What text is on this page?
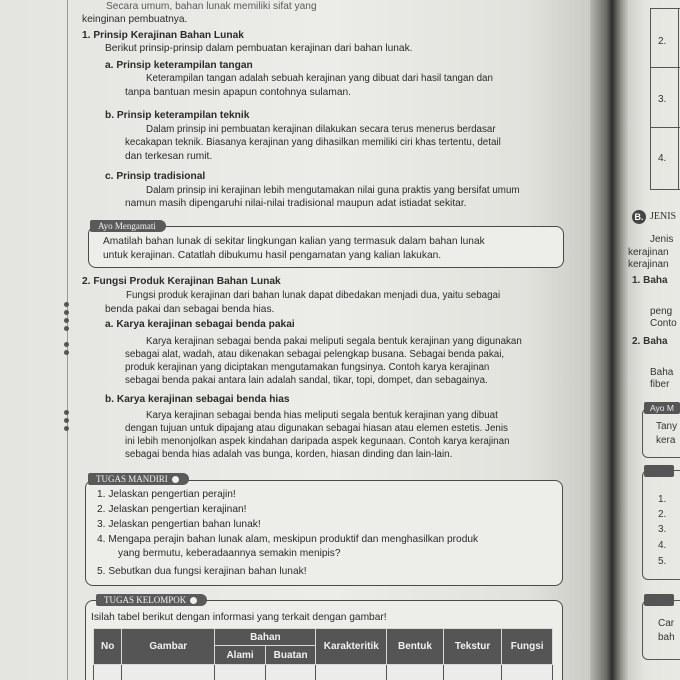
Secara umum, bahan lunak memiliki sifat yang
keinginan pembuatnya.
1. Prinsip Kerajinan Bahan Lunak
Berikut prinsip-prinsip dalam pembuatan kerajinan dari bahan lunak.
a. Prinsip keterampilan tangan
Keterampilan tangan adalah sebuah kerajinan yang dibuat dari hasil tangan dan
tanpa bantuan mesin apapun contohnya sulaman.
b. Prinsip keterampilan teknik
Dalam prinsip ini pembuatan kerajinan dilakukan secara terus menerus berdasar
kecakapan teknik. Biasanya kerajinan yang dihasilkan memiliki ciri khas tertentu, detail
dan terkesan rumit.
c. Prinsip tradisional
Dalam prinsip ini kerajinan lebih mengutamakan nilai guna praktis yang bersifat umum
namun masih dipengaruhi nilai-nilai tradisional maupun adat istiadat sekitar.
Ayo Mengamati
Amatilah bahan lunak di sekitar lingkungan kalian yang termasuk dalam bahan lunak
untuk kerajinan. Catatlah dibukumu hasil pengamatan yang kalian lakukan.
2. Fungsi Produk Kerajinan Bahan Lunak
Fungsi produk kerajinan dari bahan lunak dapat dibedakan menjadi dua, yaitu sebagai
benda pakai dan sebagai benda hias.
a. Karya kerajinan sebagai benda pakai
Karya kerajinan sebagai benda pakai meliputi segala bentuk kerajinan yang digunakan
sebagai alat, wadah, atau dikenakan sebagai pelengkap busana. Sebagai benda pakai,
produk kerajinan yang diciptakan mengutamakan fungsinya. Contoh karya kerajinan
sebagai benda pakai antara lain adalah sandal, tikar, topi, dompet, dan sebagainya.
b. Karya kerajinan sebagai benda hias
Karya kerajinan sebagai benda hias meliputi segala bentuk kerajinan yang dibuat
dengan tujuan untuk dipajang atau digunakan sebagai hiasan atau elemen estetis. Jenis
ini lebih menonjolkan aspek kindahan daripada aspek kegunaan. Contoh karya kerajinan
sebagai benda hias adalah vas bunga, korden, hiasan dinding dan lain-lain.
TUGAS MANDIRI
1. Jelaskan pengertian perajin!
2. Jelaskan pengertian kerajinan!
3. Jelaskan pengertian bahan lunak!
4. Mengapa perajin bahan lunak alam, meskipun produktif dan menghasilkan produk
yang bermutu, keberadaannya semakin menipis?
5. Sebutkan dua fungsi kerajinan bahan lunak!
TUGAS KELOMPOK
Isilah tabel berikut dengan informasi yang terkait dengan gambar!
No	Gambar	Bahan		Karakteritik	Bentuk	Tekstur	Fungsi
		Alami	Buatan				

2.
3.
4.
B. JENIS
Jenis
kerajinan
kerajinan
1. Baha
peng
Conto
2. Baha
Baha
fiber
Ayo M
Tany
kera
1.
2.
3.
4.
5.
Car
bah
